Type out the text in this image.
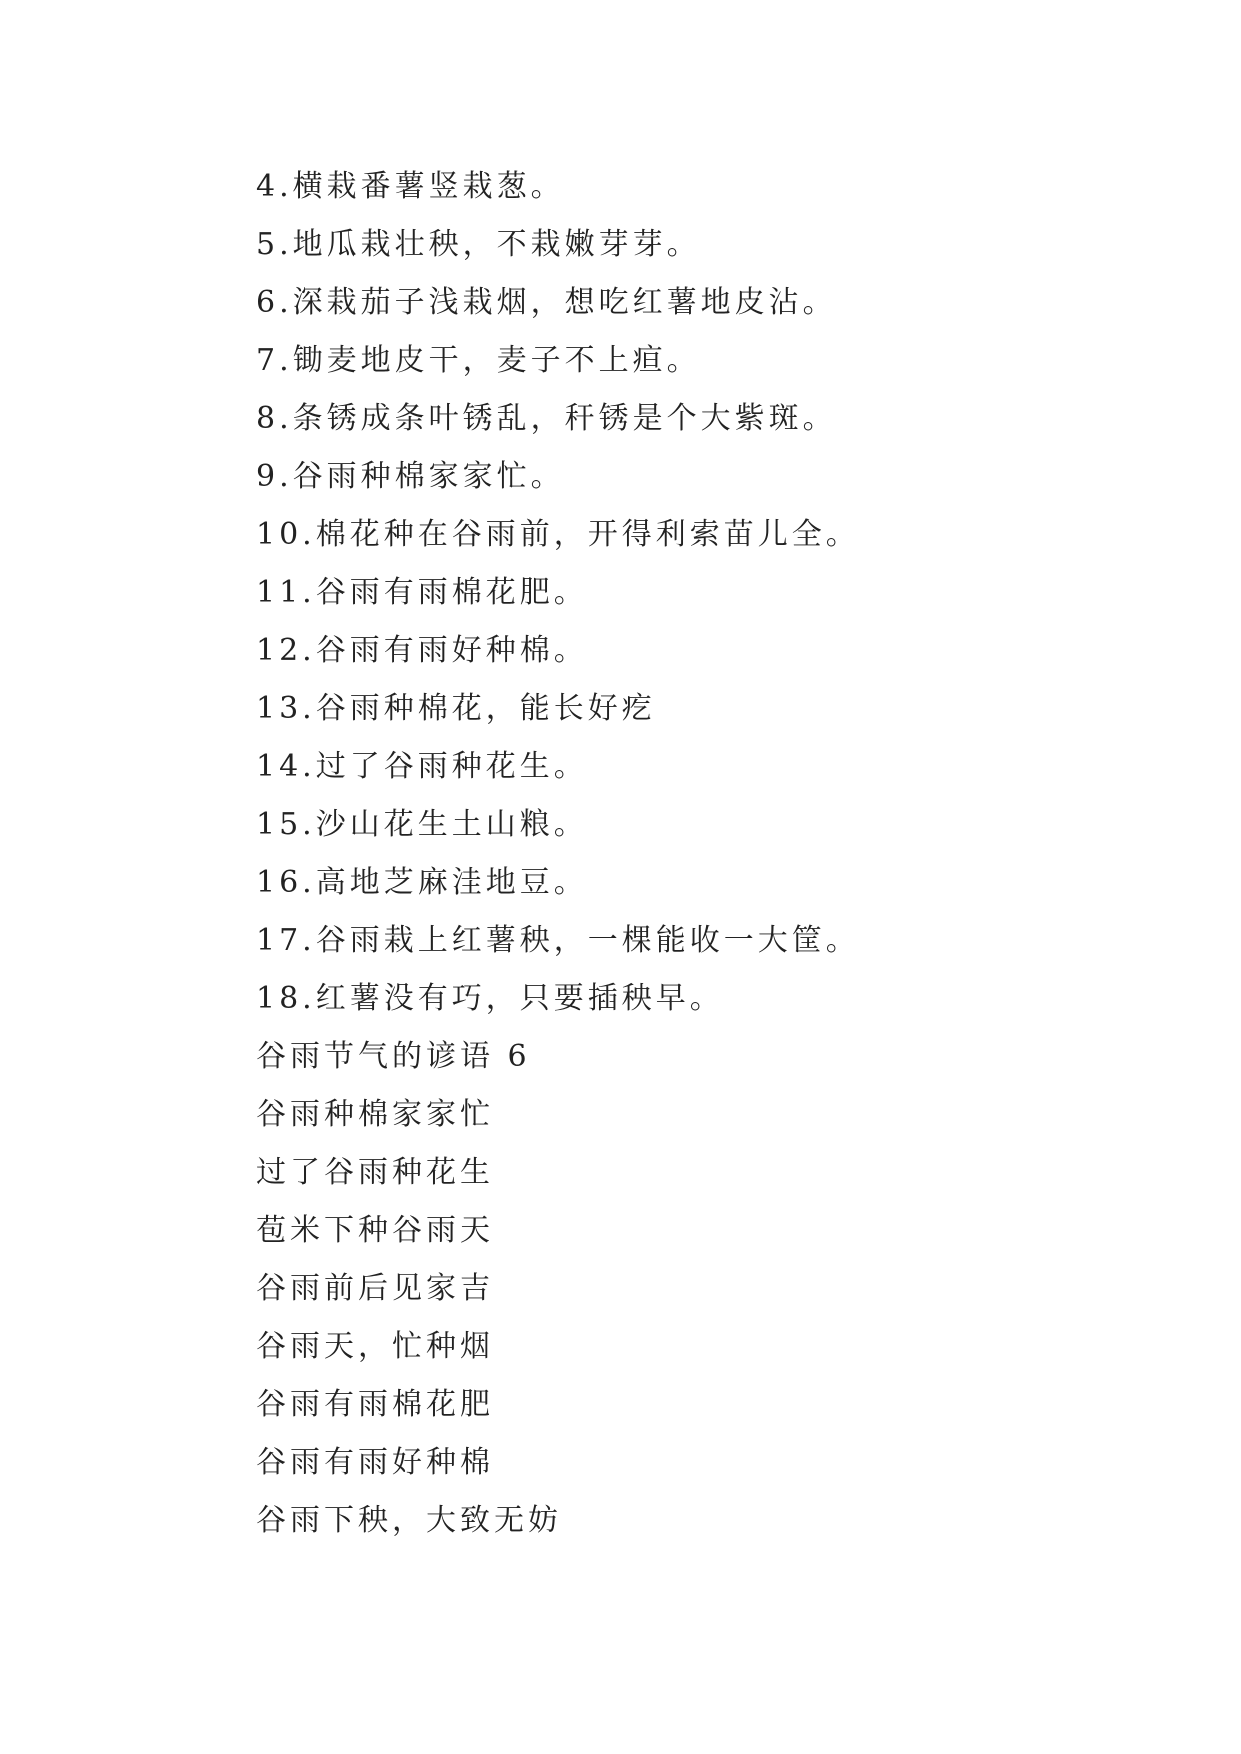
4.横栽番薯竖栽葱。
5.地瓜栽壮秧，不栽嫩芽芽。
6.深栽茄子浅栽烟，想吃红薯地皮沾。
7.锄麦地皮干，麦子不上疸。
8.条锈成条叶锈乱，秆锈是个大紫斑。
9.谷雨种棉家家忙。
10.棉花种在谷雨前，开得利索苗儿全。
11.谷雨有雨棉花肥。
12.谷雨有雨好种棉。
13.谷雨种棉花，能长好疙
14.过了谷雨种花生。
15.沙山花生土山粮。
16.高地芝麻洼地豆。
17.谷雨栽上红薯秧，一棵能收一大筐。
18.红薯没有巧，只要插秧早。
谷雨节气的谚语 6
谷雨种棉家家忙
过了谷雨种花生
苞米下种谷雨天
谷雨前后见家吉
谷雨天，忙种烟
谷雨有雨棉花肥
谷雨有雨好种棉
谷雨下秧，大致无妨
